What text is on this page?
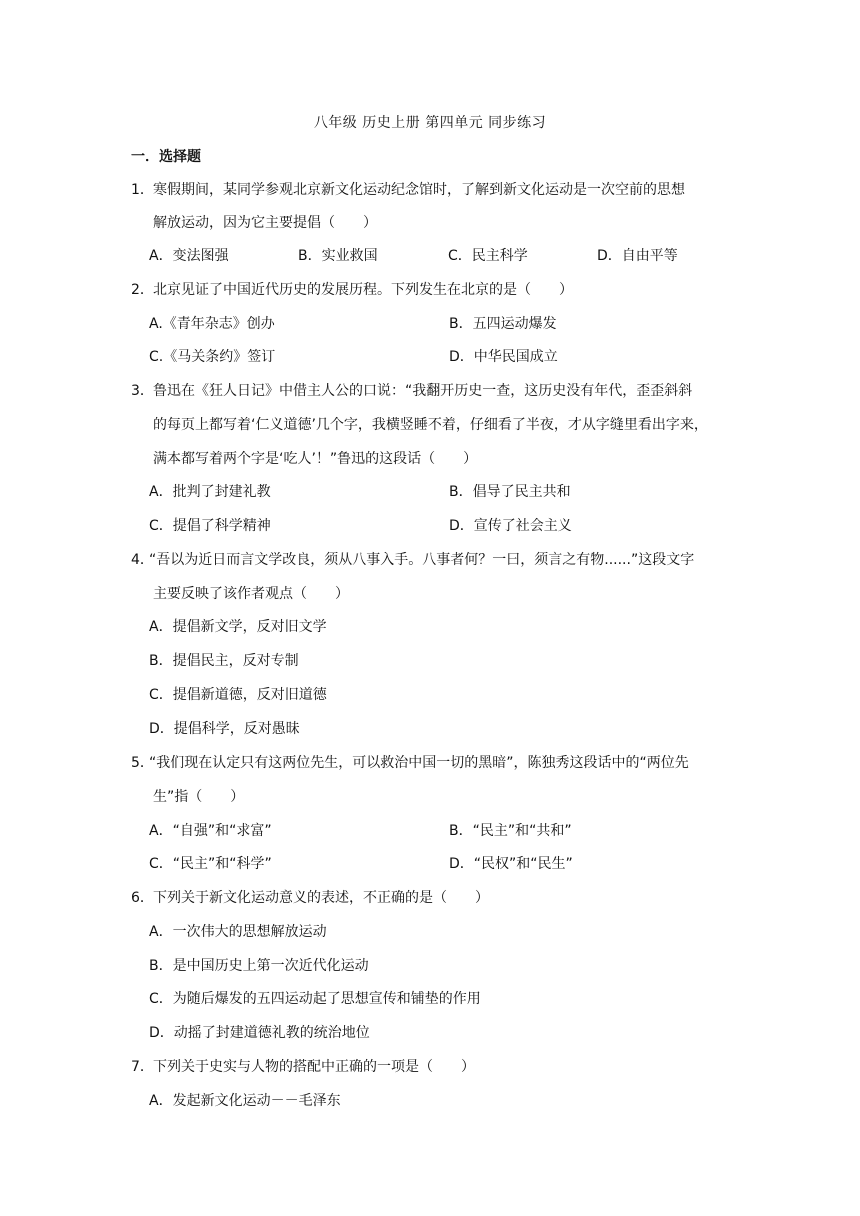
八年级 历史上册 第四单元 同步练习
一．选择题
1． 寒假期间，某同学参观北京新文化运动纪念馆时，了解到新文化运动是一次空前的思想
解放运动，因为它主要提倡（　　）
A．变法图强	B．实业救国	C．民主科学	D．自由平等
2． 北京见证了中国近代历史的发展历程。下列发生在北京的是（　　）
A.《青年杂志》创办	B．五四运动爆发
C.《马关条约》签订	D．中华民国成立
3． 鲁迅在《狂人日记》中借主人公的口说：“我翻开历史一查，这历史没有年代，歪歪斜斜
的每页上都写着‘仁义道德’几个字，我横竖睡不着，仔细看了半夜，才从字缝里看出字来，
满本都写着两个字是‘吃人’！”鲁迅的这段话（　　）
A．批判了封建礼教	B．倡导了民主共和
C．提倡了科学精神	D．宣传了社会主义
4．
“吾以为近日而言文学改良，须从八事入手。八事者何？一曰，须言之有物......”这段文字
主要反映了该作者观点（　　）
A．提倡新文学，反对旧文学
B．提倡民主，反对专制
C．提倡新道德，反对旧道德
D．提倡科学，反对愚昧
5．
“我们现在认定只有这两位先生，可以救治中国一切的黑暗”，陈独秀这段话中的“两位先
生”指（　　）
A．“自强”和“求富”	B．“民主”和“共和”
C．“民主”和“科学”	D．“民权”和“民生”
6． 下列关于新文化运动意义的表述，不正确的是（　　）
A．一次伟大的思想解放运动
B．是中国历史上第一次近代化运动
C．为随后爆发的五四运动起了思想宣传和铺垫的作用
D．动摇了封建道德礼教的统治地位
7． 下列关于史实与人物的搭配中正确的一项是（　　）
A．发起新文化运动－－毛泽东
